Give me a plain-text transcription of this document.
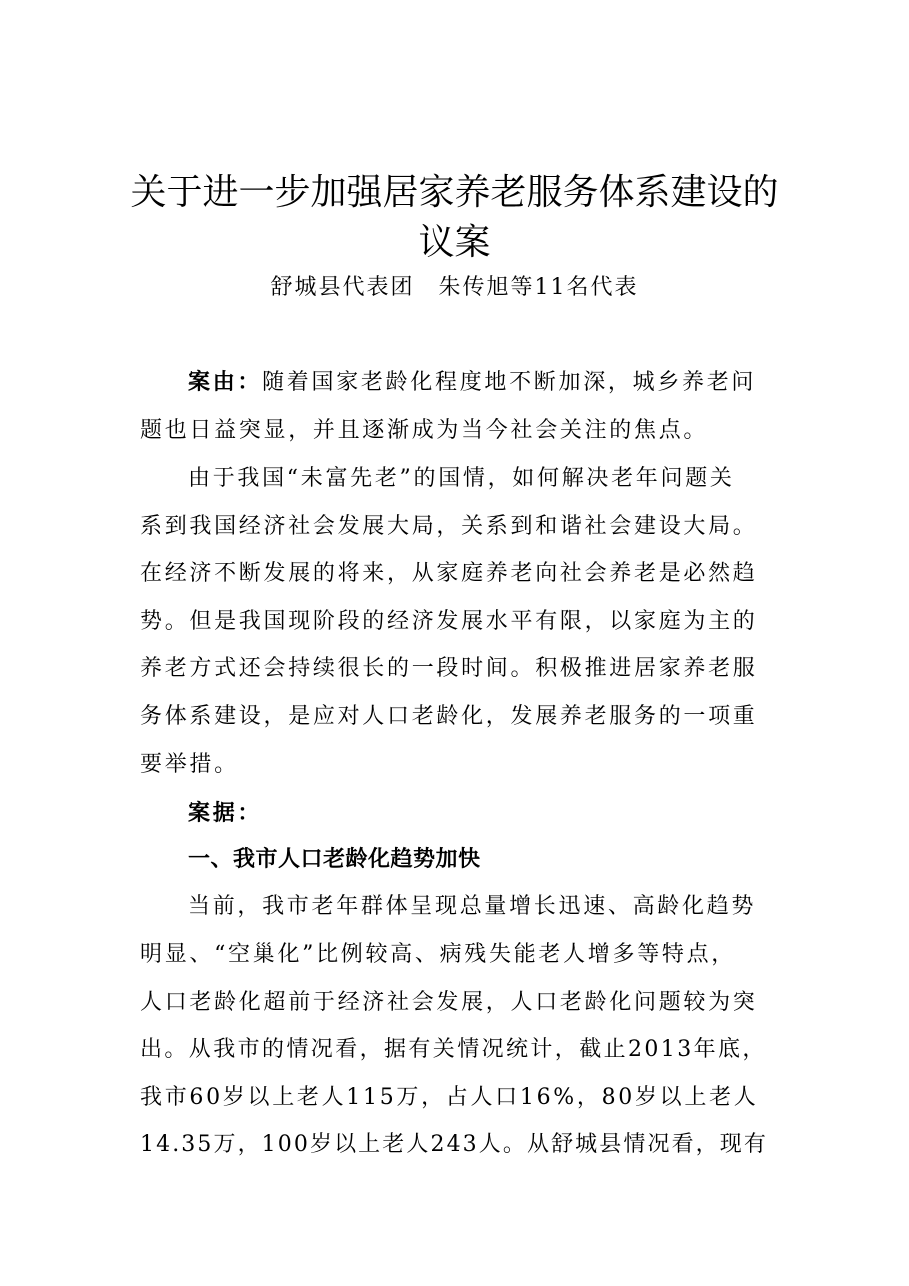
关于进一步加强居家养老服务体系建设的
议案

舒城县代表团　朱传旭等11名代表

案由：随着国家老龄化程度地不断加深，城乡养老问

题也日益突显，并且逐渐成为当今社会关注的焦点。

由于我国“未富先老”的国情，如何解决老年问题关

系到我国经济社会发展大局，关系到和谐社会建设大局。

在经济不断发展的将来，从家庭养老向社会养老是必然趋

势。但是我国现阶段的经济发展水平有限，以家庭为主的

养老方式还会持续很长的一段时间。积极推进居家养老服

务体系建设，是应对人口老龄化，发展养老服务的一项重

要举措。

案据：

一、我市人口老龄化趋势加快

当前，我市老年群体呈现总量增长迅速、高龄化趋势

明显、“空巢化”比例较高、病残失能老人增多等特点，

人口老龄化超前于经济社会发展，人口老龄化问题较为突

出。从我市的情况看，据有关情况统计，截止2013年底，

我市60岁以上老人115万，占人口16%，80岁以上老人

14.35万，100岁以上老人243人。从舒城县情况看，现有
